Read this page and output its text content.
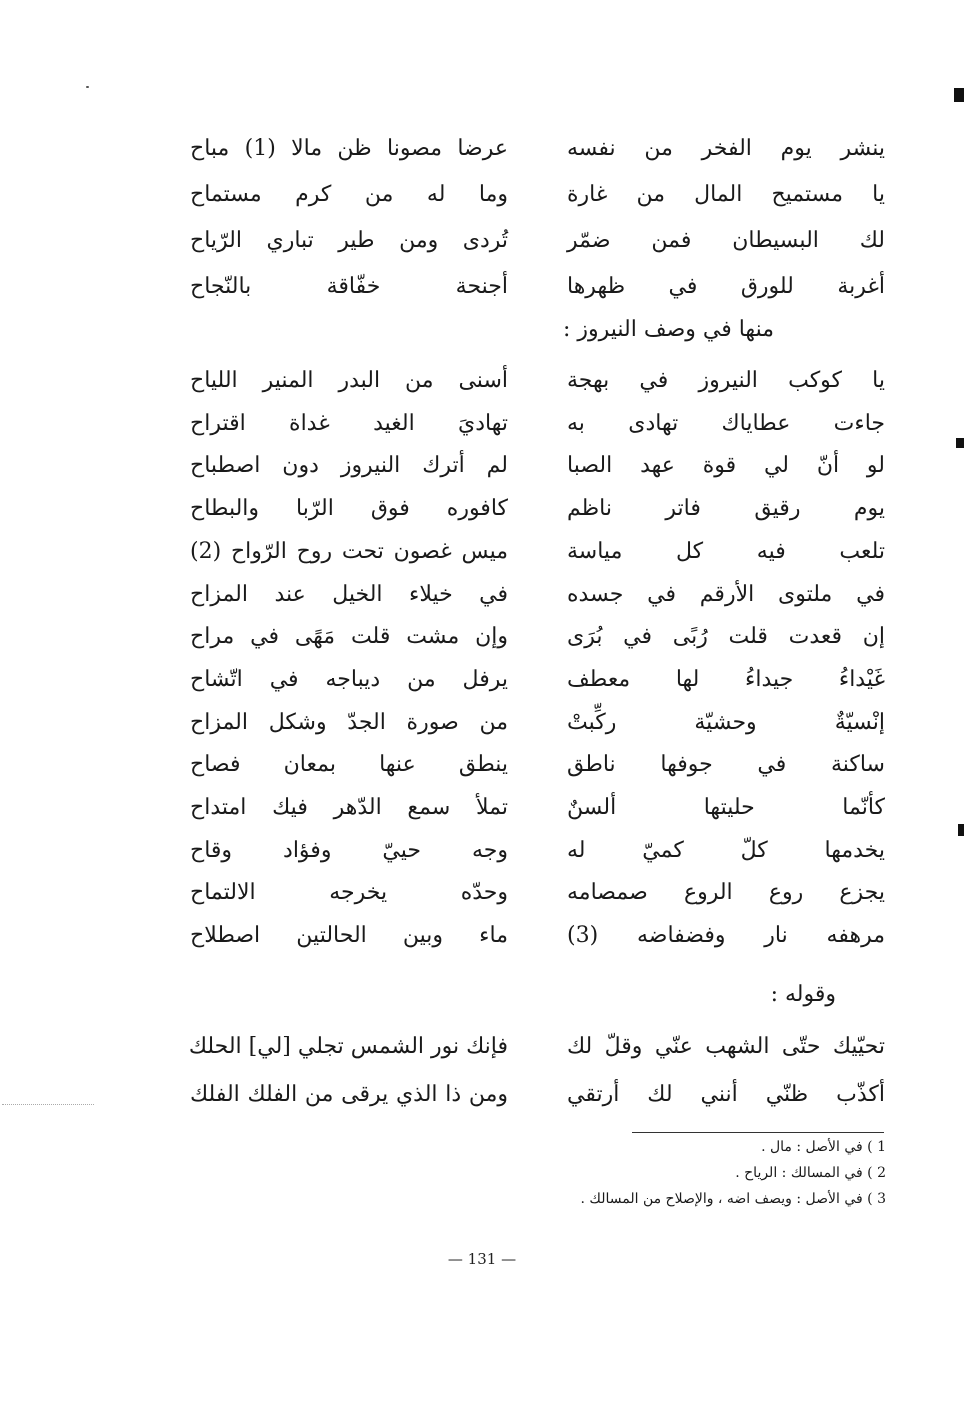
ينشر يوم الفخر من نفسه
عرضا مصونا ظن مالا (1) مباح
يا مستميح المال من غارة
وما له من كرم مستماح
لك البسيطان فمن ضمّر
تُردى ومن طير تباري الرّياح
أغربة للورق في ظهرها
أجنحة خفّاقة بالنّجاح
منها في وصف النيروز :
يا كوكب النيروز في بهجة
أسنى من البدر المنير اللياح
جاءت عطاياك تهادى به
تهاديَ الغيد غداة اقتراح
لو أنّ لي قوة عهد الصبا
لم أترك النيروز دون اصطباح
يوم رقيق فاتر ناظم
كافوره فوق الرّبا والبطاح
تلعب فيه كل مياسة
ميس غصون تحت روح الرّواح (2)
في ملتوى الأرقم في جسده
في خيلاء الخيل عند المزاح
إن قعدت قلت رُبًى في بُرَى
وإن مشت قلت مَهًى في مراح
غَيْداءُ جيداءُ لها معطف
يرفل من ديباجه في اتّشاح
إنْسيّةٌ وحشيّة ركِّبتْ
من صورة الجدّ وشكل المزاح
ساكنة في جوفها ناطق
ينطق عنها بمعان فصاح
كأنّما حليتها ألسنٌ
تملأ سمع الدّهر فيك امتداح
يخدمها كلّ كميّ له
وجه حييّ وفؤاد وقاح
يجزع روع الروع صمصامه
وحدّه يخرجه الالتماح
مرهفه نار وفضفاضه (3)
ماء وبين الحالتين اصطلاح
وقوله :
تحيّيك حتّى الشهب عنّي وقلّ لك
فإنك نور الشمس تجلي [لي] الحلك
أكذّب ظنّي أنني لك أرتقي
ومن ذا الذي يرقى من الفلك الفلك
1 ) في الأصل : مال .
2 ) في المسالك : الرياح .
3 ) في الأصل : ويصف اضه ، والإصلاح من المسالك .
— 131 —
